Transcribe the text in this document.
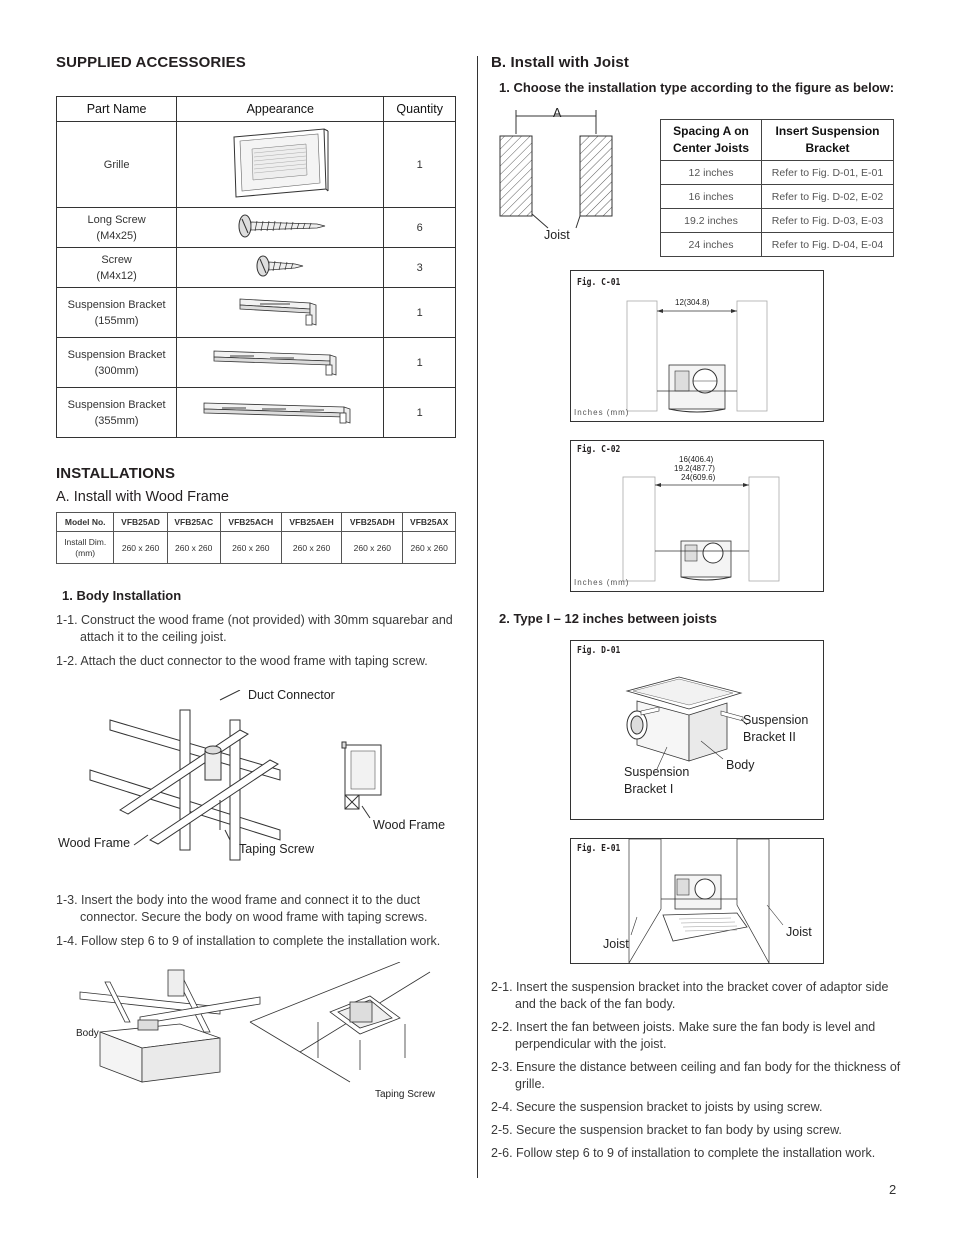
SUPPLIED ACCESSORIES
Part Name	Appearance	Quantity
Grille		1
Long Screw
(M4x25)		6
Screw
(M4x12)		3
Suspension Bracket
(155mm)		1
Suspension Bracket
(300mm)		1
Suspension Bracket
(355mm)		1
INSTALLATIONS
A. Install with Wood Frame
Model No.	VFB25AD	VFB25AC	VFB25ACH	VFB25AEH	VFB25ADH	VFB25AX
Install Dim.
(mm)	260 x 260	260 x 260	260 x 260	260 x 260	260 x 260	260 x 260
1. Body Installation
1-1. Construct the wood frame (not provided) with 30mm squarebar and attach it to the ceiling joist.
1-2. Attach the duct connector to the wood frame with taping screw.
Duct Connector
Wood Frame	Taping Screw
Wood Frame
1-3. Insert the body into the wood frame and connect it to the duct connector. Secure the body on wood frame with taping screws.
1-4. Follow step 6 to 9 of installation to complete the installation work.
Body
Taping Screw
B. Install with Joist
1. Choose the installation type according to the figure as below:
A
Joist
Spacing A on Center Joists	Insert Suspension Bracket
12 inches	Refer to Fig. D-01, E-01
16 inches	Refer to Fig. D-02, E-02
19.2 inches	Refer to Fig. D-03, E-03
24 inches	Refer to Fig. D-04, E-04
Fig. C-01
12(304.8)
Inches (mm)
Fig. C-02
16(406.4)
19.2(487.7)
24(609.6)
Inches (mm)
2. Type I – 12 inches between joists
Fig. D-01
Suspension Bracket II
Body
Suspension Bracket I
Fig. E-01
Joist
Joist
2-1. Insert the suspension bracket into the bracket cover of adaptor side and the back of the fan body.
2-2. Insert the fan between joists. Make sure the fan body is level and perpendicular with the joist.
2-3. Ensure the distance between ceiling and fan body for the thickness of grille.
2-4. Secure the suspension bracket to joists by using screw.
2-5. Secure the suspension bracket to fan body by using screw.
2-6. Follow step 6 to 9 of installation to complete the installation work.
2
